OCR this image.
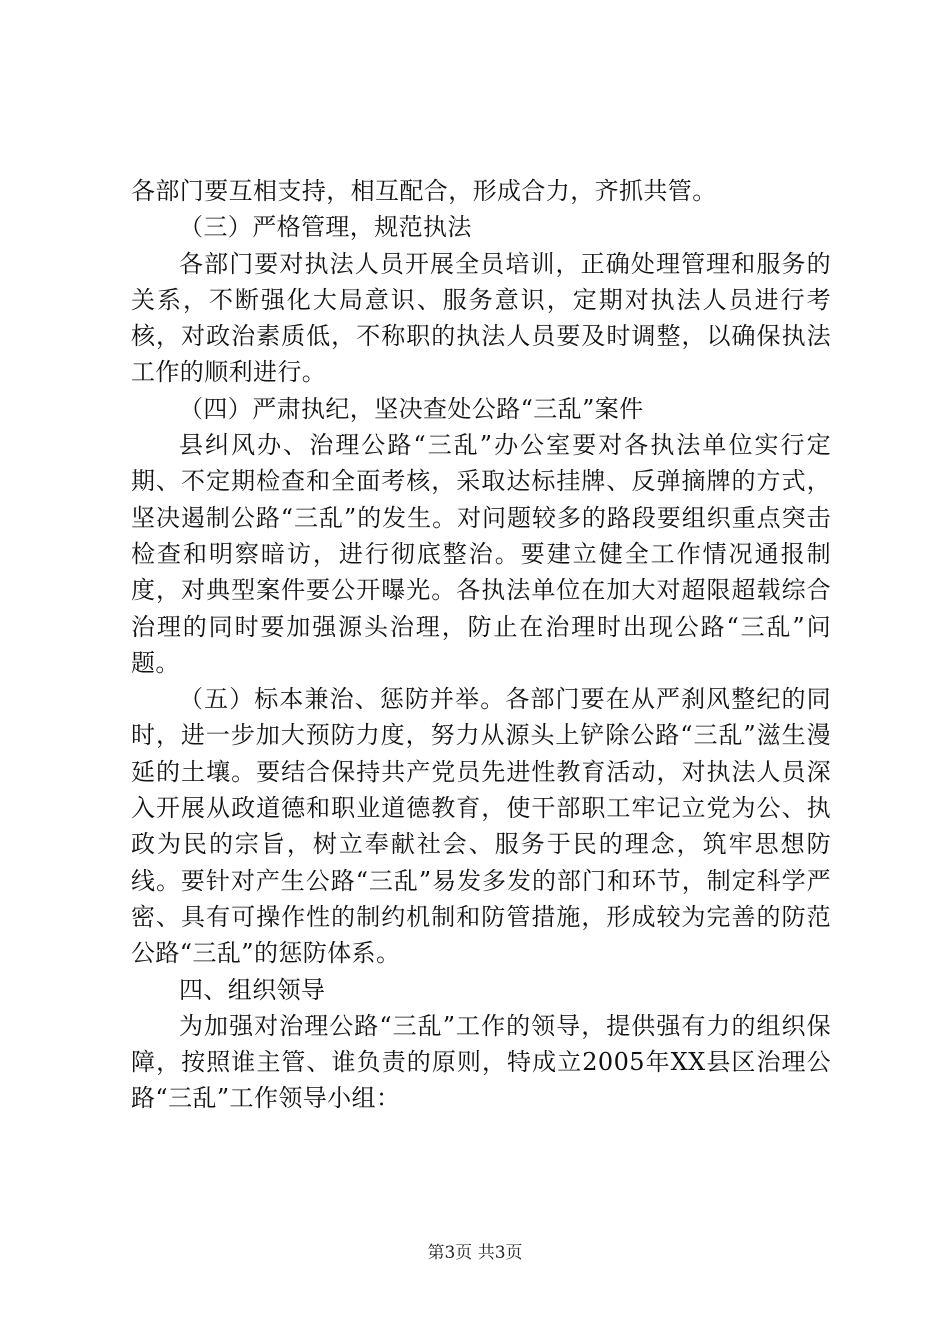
各部门要互相支持，相互配合，形成合力，齐抓共管。

（三）严格管理，规范执法

各部门要对执法人员开展全员培训，正确处理管理和服务的关系，不断强化大局意识、服务意识，定期对执法人员进行考核，对政治素质低，不称职的执法人员要及时调整，以确保执法工作的顺利进行。

（四）严肃执纪，坚决查处公路“三乱”案件

县纠风办、治理公路“三乱”办公室要对各执法单位实行定期、不定期检查和全面考核，采取达标挂牌、反弹摘牌的方式，坚决遏制公路“三乱”的发生。对问题较多的路段要组织重点突击检查和明察暗访，进行彻底整治。要建立健全工作情况通报制度，对典型案件要公开曝光。各执法单位在加大对超限超载综合治理的同时要加强源头治理，防止在治理时出现公路“三乱”问题。

（五）标本兼治、惩防并举。各部门要在从严刹风整纪的同时，进一步加大预防力度，努力从源头上铲除公路“三乱”滋生漫延的土壤。要结合保持共产党员先进性教育活动，对执法人员深入开展从政道德和职业道德教育，使干部职工牢记立党为公、执政为民的宗旨，树立奉献社会、服务于民的理念，筑牢思想防线。要针对产生公路“三乱”易发多发的部门和环节，制定科学严密、具有可操作性的制约机制和防管措施，形成较为完善的防范公路“三乱”的惩防体系。

四、组织领导

为加强对治理公路“三乱”工作的领导，提供强有力的组织保障，按照谁主管、谁负责的原则，特成立2005年XX县区治理公路“三乱”工作领导小组：

第3页 共3页
